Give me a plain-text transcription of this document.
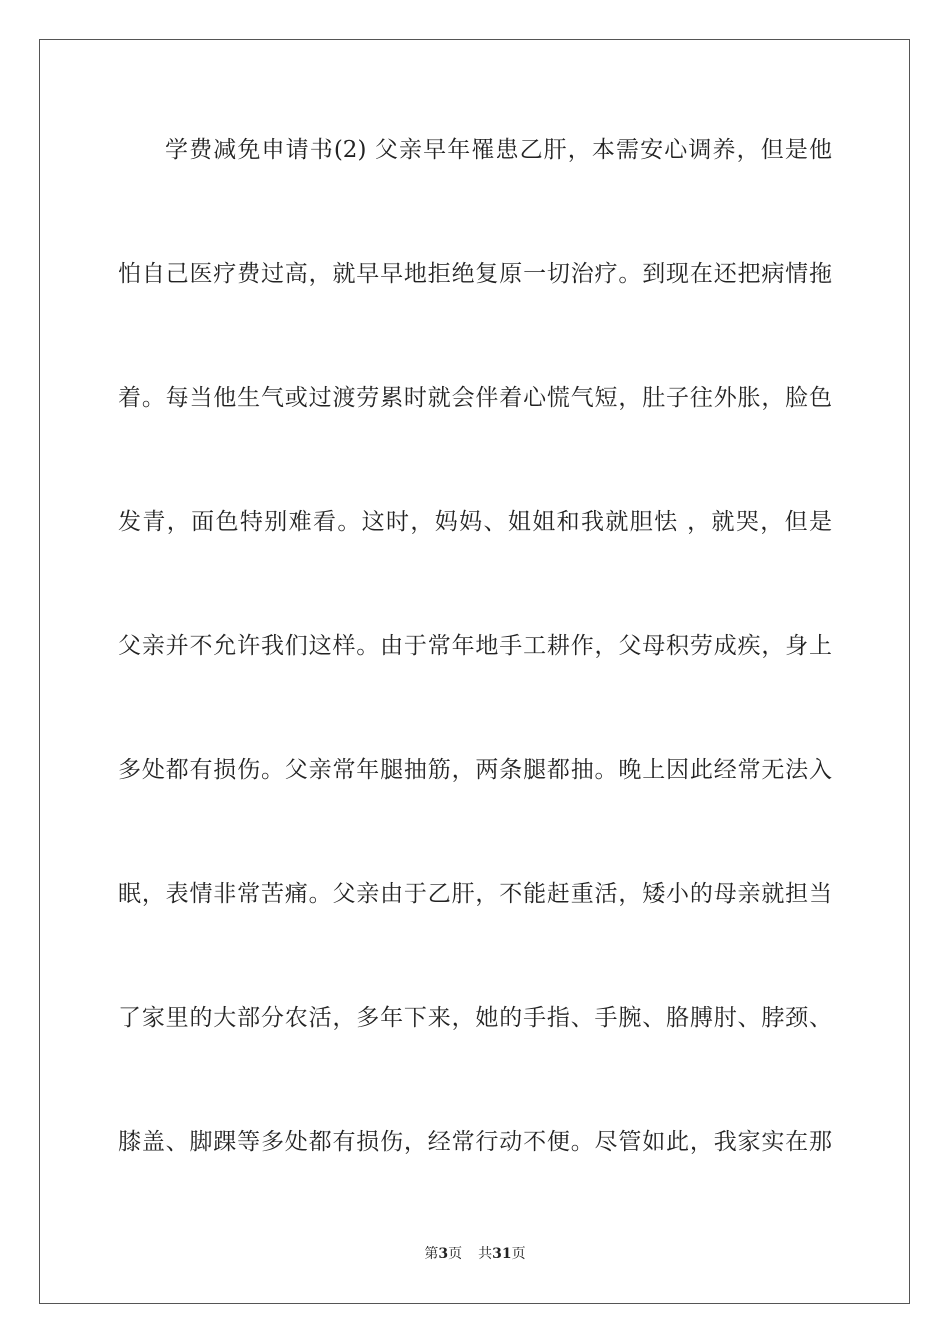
学费减免申请书(2) 父亲早年罹患乙肝，本需安心调养，但是他
怕自己医疗费过高，就早早地拒绝复原一切治疗。到现在还把病情拖
着。每当他生气或过渡劳累时就会伴着心慌气短，肚子往外胀，脸色
发青，面色特别难看。这时，妈妈、姐姐和我就胆怯 ，就哭，但是
父亲并不允许我们这样。由于常年地手工耕作，父母积劳成疾，身上
多处都有损伤。父亲常年腿抽筋，两条腿都抽。晚上因此经常无法入
眠，表情非常苦痛。父亲由于乙肝，不能赶重活，矮小的母亲就担当
了家里的大部分农活，多年下来，她的手指、手腕、胳膊肘、脖颈、
膝盖、脚踝等多处都有损伤，经常行动不便。尽管如此，我家实在那
第3页 共31页
